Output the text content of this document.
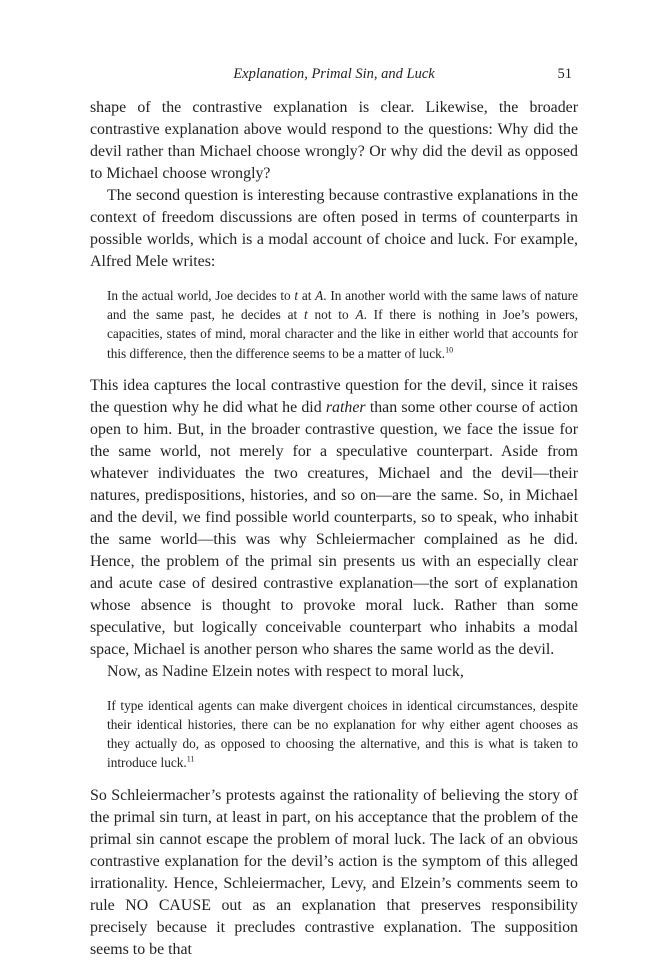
Explanation, Primal Sin, and Luck	51

shape of the contrastive explanation is clear. Likewise, the broader contrastive explanation above would respond to the questions: Why did the devil rather than Michael choose wrongly? Or why did the devil as opposed to Michael choose wrongly?

The second question is interesting because contrastive explanations in the context of freedom discussions are often posed in terms of counterparts in possible worlds, which is a modal account of choice and luck. For example, Alfred Mele writes:

In the actual world, Joe decides to t at A. In another world with the same laws of nature and the same past, he decides at t not to A. If there is nothing in Joe’s powers, capacities, states of mind, moral character and the like in either world that accounts for this difference, then the difference seems to be a matter of luck.$^{10}$

This idea captures the local contrastive question for the devil, since it raises the question why he did what he did rather than some other course of action open to him. But, in the broader contrastive question, we face the issue for the same world, not merely for a speculative counterpart. Aside from whatever individuates the two creatures, Michael and the devil—their natures, predispositions, histories, and so on—are the same. So, in Michael and the devil, we find possible world counterparts, so to speak, who inhabit the same world—this was why Schleiermacher complained as he did. Hence, the problem of the primal sin presents us with an especially clear and acute case of desired contrastive explanation—the sort of explanation whose absence is thought to provoke moral luck. Rather than some speculative, but logically conceivable counterpart who inhabits a modal space, Michael is another person who shares the same world as the devil.

Now, as Nadine Elzein notes with respect to moral luck,

If type identical agents can make divergent choices in identical circumstances, despite their identical histories, there can be no explanation for why either agent chooses as they actually do, as opposed to choosing the alternative, and this is what is taken to introduce luck.$^{11}$

So Schleiermacher’s protests against the rationality of believing the story of the primal sin turn, at least in part, on his acceptance that the problem of the primal sin cannot escape the problem of moral luck. The lack of an obvious contrastive explanation for the devil’s action is the symptom of this alleged irrationality. Hence, Schleiermacher, Levy, and Elzein’s comments seem to rule NO CAUSE out as an explanation that preserves responsibility precisely because it precludes contrastive explanation. The supposition seems to be that
